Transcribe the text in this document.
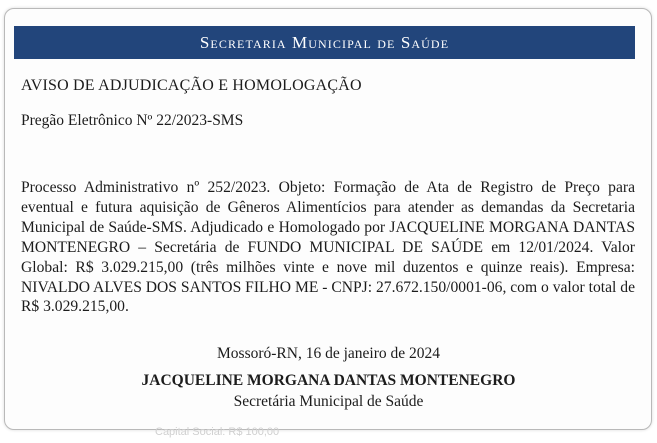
Secretaria Municipal de Saúde
AVISO DE ADJUDICAÇÃO E HOMOLOGAÇÃO
Pregão Eletrônico Nº 22/2023-SMS

Processo Administrativo nº 252/2023. Objeto: Formação de Ata de Registro de Preço para eventual e futura aquisição de Gêneros Alimentícios para atender as demandas da Secretaria Municipal de Saúde-SMS. Adjudicado e Homologado por JACQUELINE MORGANA DANTAS MONTENEGRO – Secretária de FUNDO MUNICIPAL DE SAÚDE em 12/01/2024. Valor Global: R$ 3.029.215,00 (três milhões vinte e nove mil duzentos e quinze reais). Empresa: NIVALDO ALVES DOS SANTOS FILHO ME - CNPJ: 27.672.150/0001-06, com o valor total de R$ 3.029.215,00.

Mossoró-RN, 16 de janeiro de 2024
JACQUELINE MORGANA DANTAS MONTENEGRO
Secretária Municipal de Saúde
Capital Social: R$ 100,00
